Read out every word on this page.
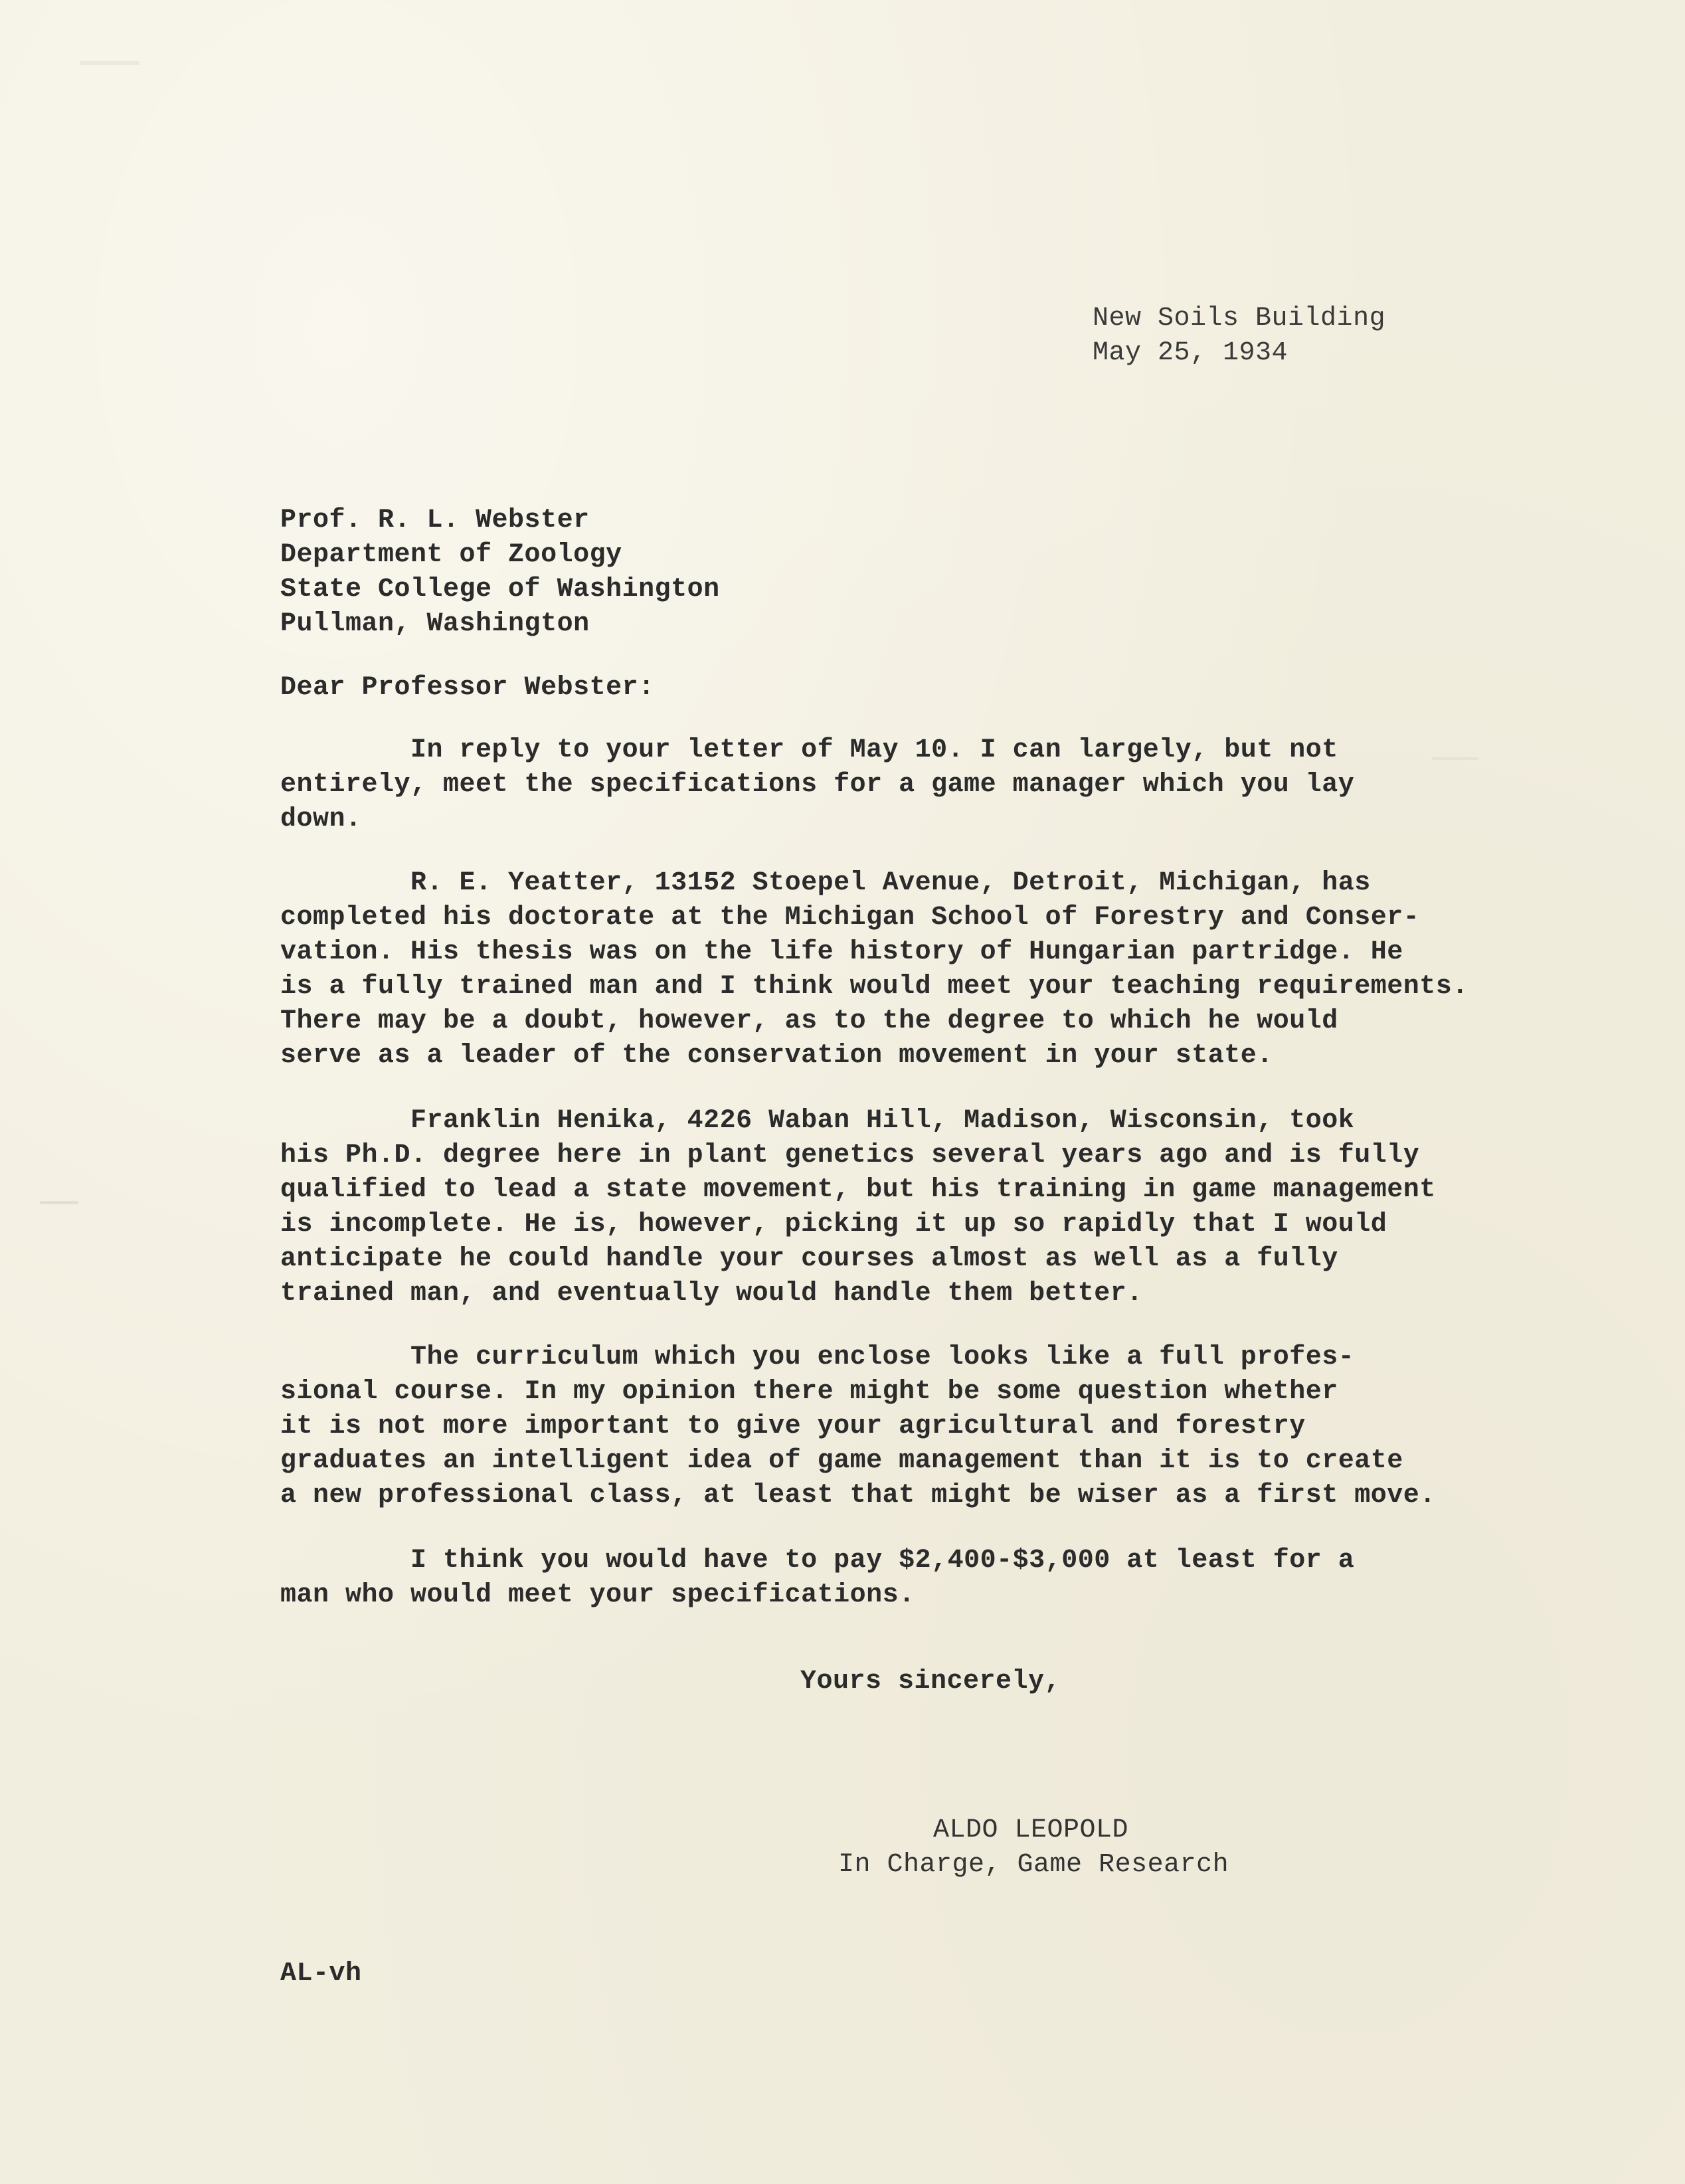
New Soils Building
May 25, 1934
Prof. R. L. Webster
Department of Zoology
State College of Washington
Pullman, Washington
Dear Professor Webster:
In reply to your letter of May 10. I can largely, but not
entirely, meet the specifications for a game manager which you lay
down.
R. E. Yeatter, 13152 Stoepel Avenue, Detroit, Michigan, has
completed his doctorate at the Michigan School of Forestry and Conser-
vation. His thesis was on the life history of Hungarian partridge. He
is a fully trained man and I think would meet your teaching requirements.
There may be a doubt, however, as to the degree to which he would
serve as a leader of the conservation movement in your state.
Franklin Henika, 4226 Waban Hill, Madison, Wisconsin, took
his Ph.D. degree here in plant genetics several years ago and is fully
qualified to lead a state movement, but his training in game management
is incomplete. He is, however, picking it up so rapidly that I would
anticipate he could handle your courses almost as well as a fully
trained man, and eventually would handle them better.
The curriculum which you enclose looks like a full profes-
sional course. In my opinion there might be some question whether
it is not more important to give your agricultural and forestry
graduates an intelligent idea of game management than it is to create
a new professional class, at least that might be wiser as a first move.
I think you would have to pay $2,400-$3,000 at least for a
man who would meet your specifications.
Yours sincerely,
ALDO LEOPOLD
In Charge, Game Research
AL-vh
